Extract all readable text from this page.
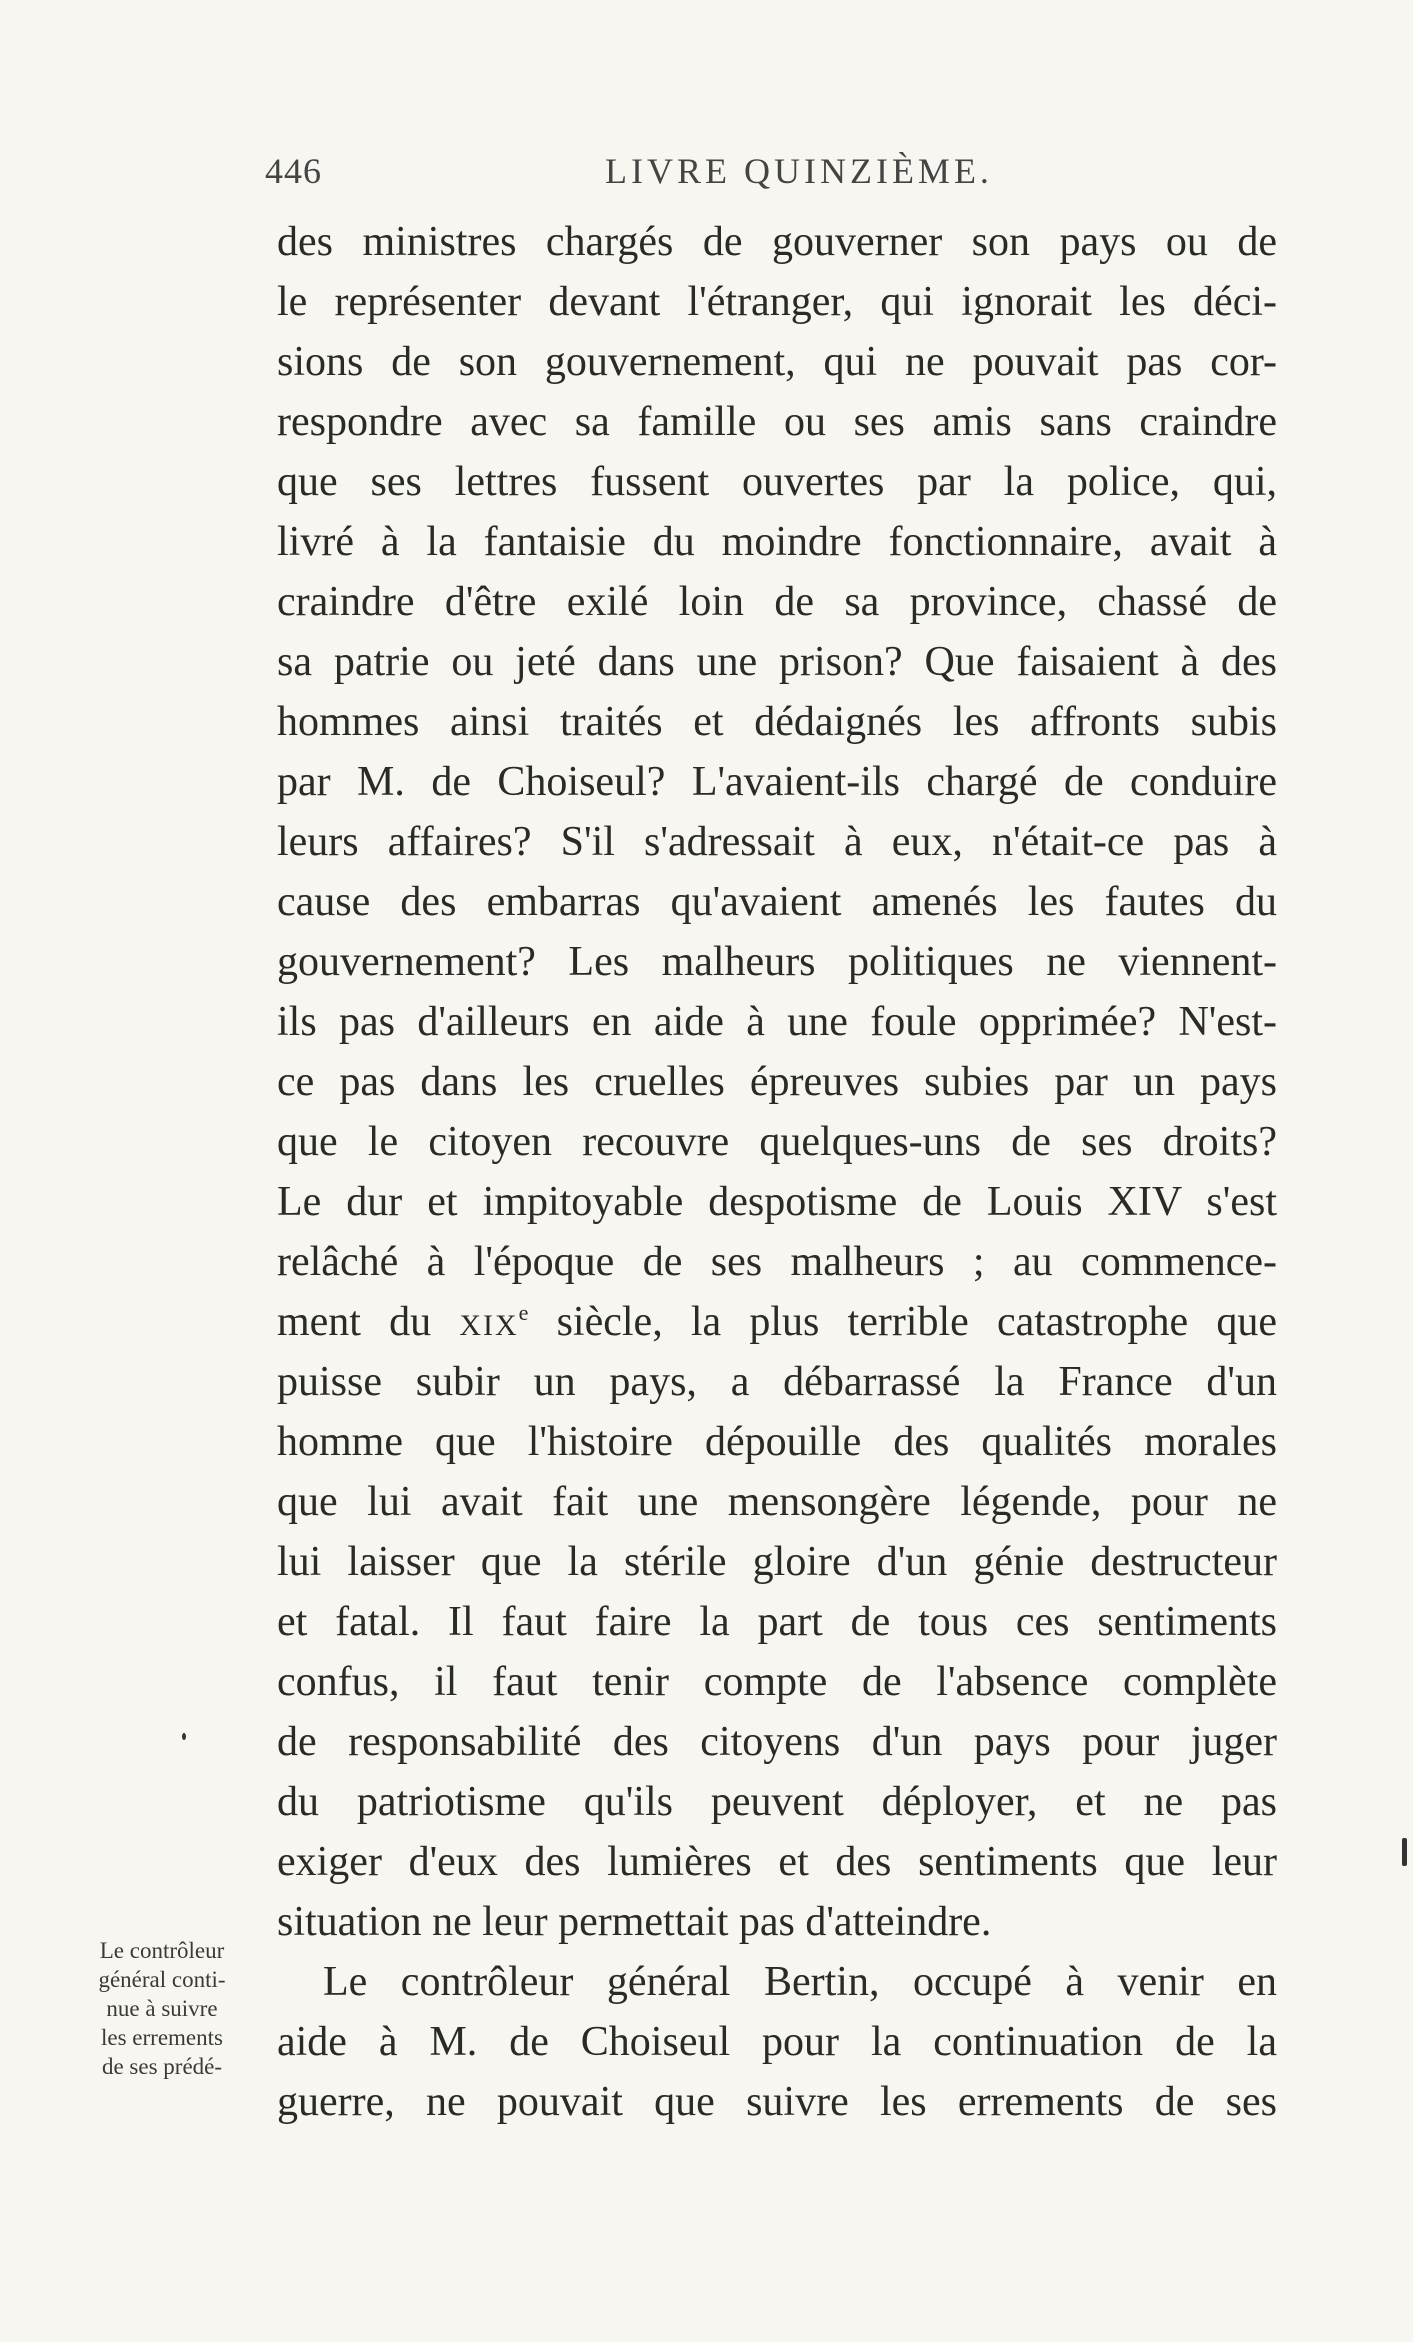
446	LIVRE QUINZIÈME.
des ministres chargés de gouverner son pays ou de
le représenter devant l'étranger, qui ignorait les déci-
sions de son gouvernement, qui ne pouvait pas cor-
respondre avec sa famille ou ses amis sans craindre
que ses lettres fussent ouvertes par la police, qui,
livré à la fantaisie du moindre fonctionnaire, avait à
craindre d'être exilé loin de sa province, chassé de
sa patrie ou jeté dans une prison? Que faisaient à des
hommes ainsi traités et dédaignés les affronts subis
par M. de Choiseul? L'avaient-ils chargé de conduire
leurs affaires? S'il s'adressait à eux, n'était-ce pas à
cause des embarras qu'avaient amenés les fautes du
gouvernement? Les malheurs politiques ne viennent-
ils pas d'ailleurs en aide à une foule opprimée? N'est-
ce pas dans les cruelles épreuves subies par un pays
que le citoyen recouvre quelques-uns de ses droits?
Le dur et impitoyable despotisme de Louis XIV s'est
relâché à l'époque de ses malheurs ; au commence-
ment du XIXe siècle, la plus terrible catastrophe que
puisse subir un pays, a débarrassé la France d'un
homme que l'histoire dépouille des qualités morales
que lui avait fait une mensongère légende, pour ne
lui laisser que la stérile gloire d'un génie destructeur
et fatal. Il faut faire la part de tous ces sentiments
confus, il faut tenir compte de l'absence complète
de responsabilité des citoyens d'un pays pour juger
du patriotisme qu'ils peuvent déployer, et ne pas
exiger d'eux des lumières et des sentiments que leur
situation ne leur permettait pas d'atteindre.
Le contrôleur général Bertin, occupé à venir en
aide à M. de Choiseul pour la continuation de la
guerre, ne pouvait que suivre les errements de ses
Le contrôleur
général conti-
nue à suivre
les errements
de ses prédé-
